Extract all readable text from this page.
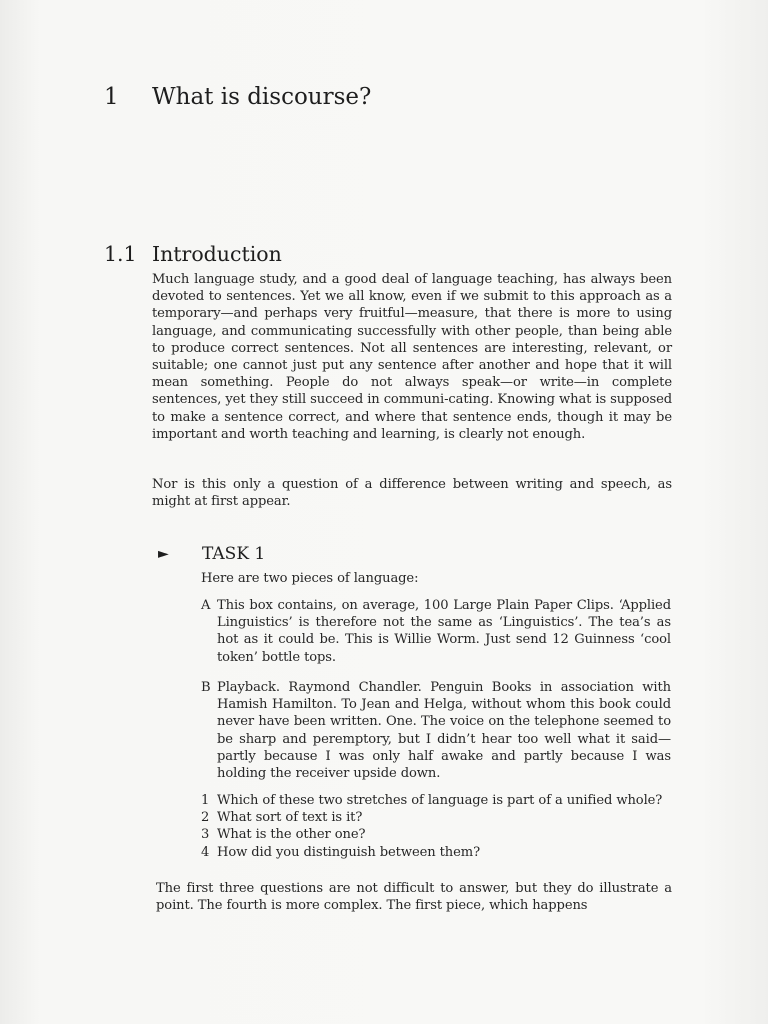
1 What is discourse?
1.1 Introduction
Much language study, and a good deal of language teaching, has always been devoted to sentences. Yet we all know, even if we submit to this approach as a temporary—and perhaps very fruitful—measure, that there is more to using language, and communicating successfully with other people, than being able to produce correct sentences. Not all sentences are interesting, relevant, or suitable; one cannot just put any sentence after another and hope that it will mean something. People do not always speak—or write—in complete sentences, yet they still succeed in communi-cating. Knowing what is supposed to make a sentence correct, and where that sentence ends, though it may be important and worth teaching and learning, is clearly not enough.
Nor is this only a question of a difference between writing and speech, as might at first appear.
► TASK 1
Here are two pieces of language:
A This box contains, on average, 100 Large Plain Paper Clips. ‘Applied Linguistics’ is therefore not the same as ‘Linguistics’. The tea’s as hot as it could be. This is Willie Worm. Just send 12 Guinness ‘cool token’ bottle tops.
B Playback. Raymond Chandler. Penguin Books in association with Hamish Hamilton. To Jean and Helga, without whom this book could never have been written. One. The voice on the telephone seemed to be sharp and peremptory, but I didn’t hear too well what it said—partly because I was only half awake and partly because I was holding the receiver upside down.
1 Which of these two stretches of language is part of a unified whole?
2 What sort of text is it?
3 What is the other one?
4 How did you distinguish between them?
The first three questions are not difficult to answer, but they do illustrate a point. The fourth is more complex. The first piece, which happens
